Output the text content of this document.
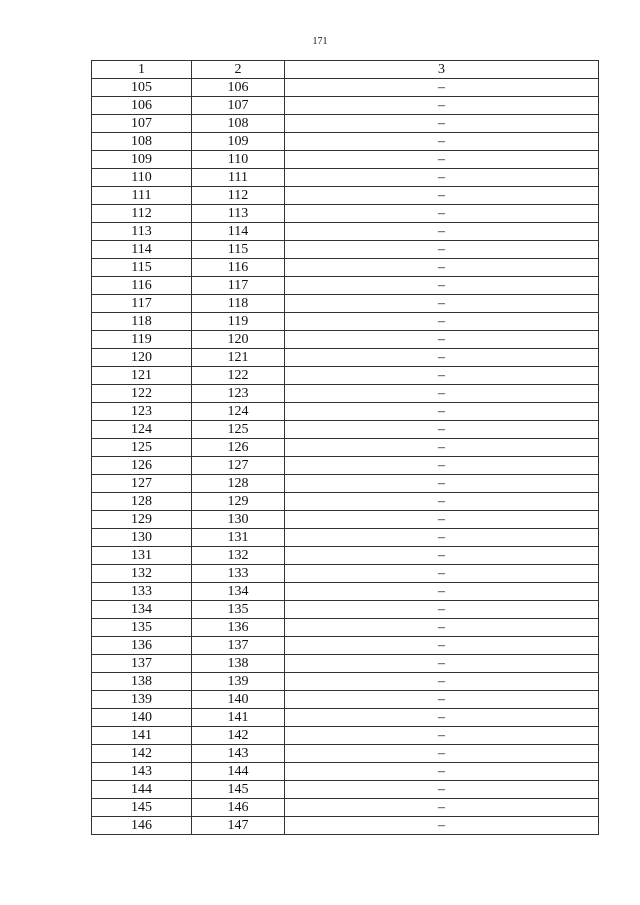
171
1	2	3
105	106	–
106	107	–
107	108	–
108	109	–
109	110	–
110	111	–
111	112	–
112	113	–
113	114	–
114	115	–
115	116	–
116	117	–
117	118	–
118	119	–
119	120	–
120	121	–
121	122	–
122	123	–
123	124	–
124	125	–
125	126	–
126	127	–
127	128	–
128	129	–
129	130	–
130	131	–
131	132	–
132	133	–
133	134	–
134	135	–
135	136	–
136	137	–
137	138	–
138	139	–
139	140	–
140	141	–
141	142	–
142	143	–
143	144	–
144	145	–
145	146	–
146	147	–
